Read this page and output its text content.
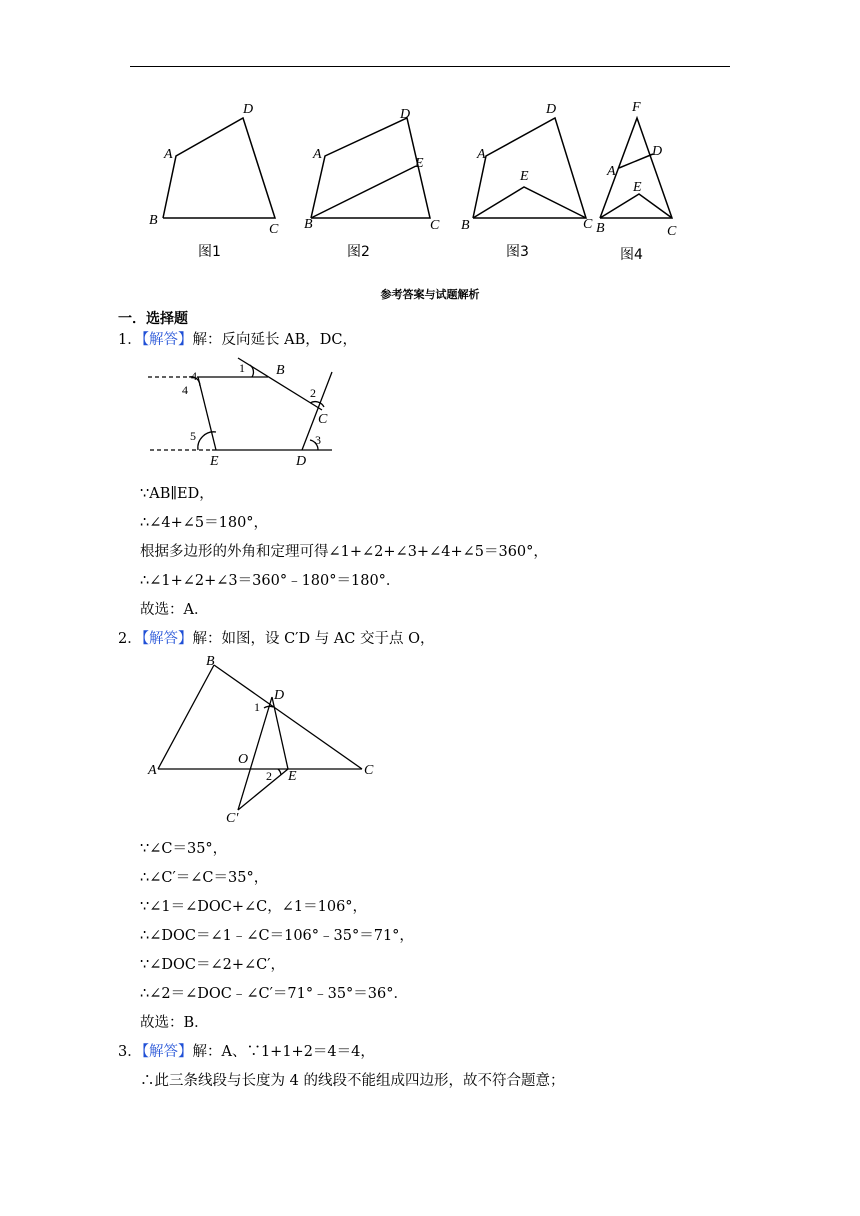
A
D
B
C
A
D
E
B	C
A
D
E
B	C
F
D
A
E
B	C
图1	图2	图3	图4
参考答案与试题解析
一．选择题
1．【解答】解：反向延长 AB，DC，
1 B
2
C
3
4
4
5
E	D
∵AB∥ED，
∴∠4+∠5＝180°，
根据多边形的外角和定理可得∠1+∠2+∠3+∠4+∠5＝360°，
∴∠1+∠2+∠3＝360°﹣180°＝180°．
故选：A．
2．【解答】解：如图，设 C′D 与 AC 交于点 O，
B
D
1
O
A	2 E	C
C′
∵∠C＝35°，
∴∠C′＝∠C＝35°，
∵∠1＝∠DOC+∠C，∠1＝106°，
∴∠DOC＝∠1﹣∠C＝106°﹣35°＝71°，
∵∠DOC＝∠2+∠C′，
∴∠2＝∠DOC﹣∠C′＝71°﹣35°＝36°．
故选：B．
3．【解答】解：A、∵1+1+2＝4＝4，
∴此三条线段与长度为 4 的线段不能组成四边形，故不符合题意；
